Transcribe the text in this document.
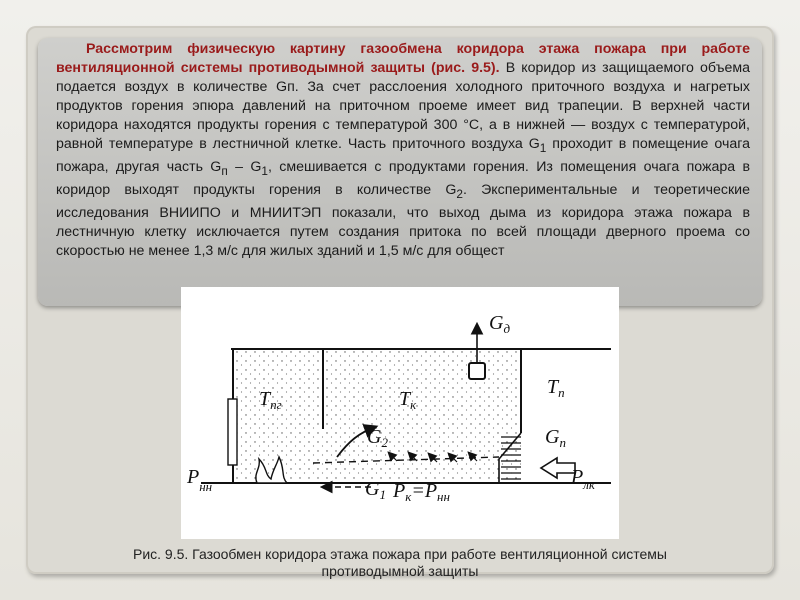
Рассмотрим физическую картину газообмена коридора этажа пожара при работе вентиляционной системы противодымной защиты (рис. 9.5). В коридор из защищаемого объема подается воздух в количестве Gп. За счет расслоения холодного приточного воздуха и нагретых продуктов горения эпюра давлений на приточном проеме имеет вид трапеции. В верхней части коридора находятся продукты горения с температурой 300 °С, а в нижней — воздух с температурой, равной температуре в лестничной клетке. Часть приточного воздуха $G_1$ проходит в помещение очага пожара, другая часть $G_п - G_1$, смешивается с продуктами горения. Из помещения очага пожара в коридор выходят продукты горения в количестве $G_2$. Экспериментальные и теоретические исследования ВНИИПО и МНИИТЭП показали, что выход дыма из коридора этажа пожара в лестничную клетку исключается путем создания притока по всей площади дверного проема со скоростью не менее 1,3 м/с для жилых зданий и 1,5 м/с для общест
$G_д$
$T_{пг}$	$T_к$
$T_п$
$G_2$	$G_п$
$P_{нн}$	$G_1$ $P_к=P_{нн}$
$P_{лк}$
Рис. 9.5. Газообмен коридора этажа пожара при работе вентиляционной системы
противодымной защиты
